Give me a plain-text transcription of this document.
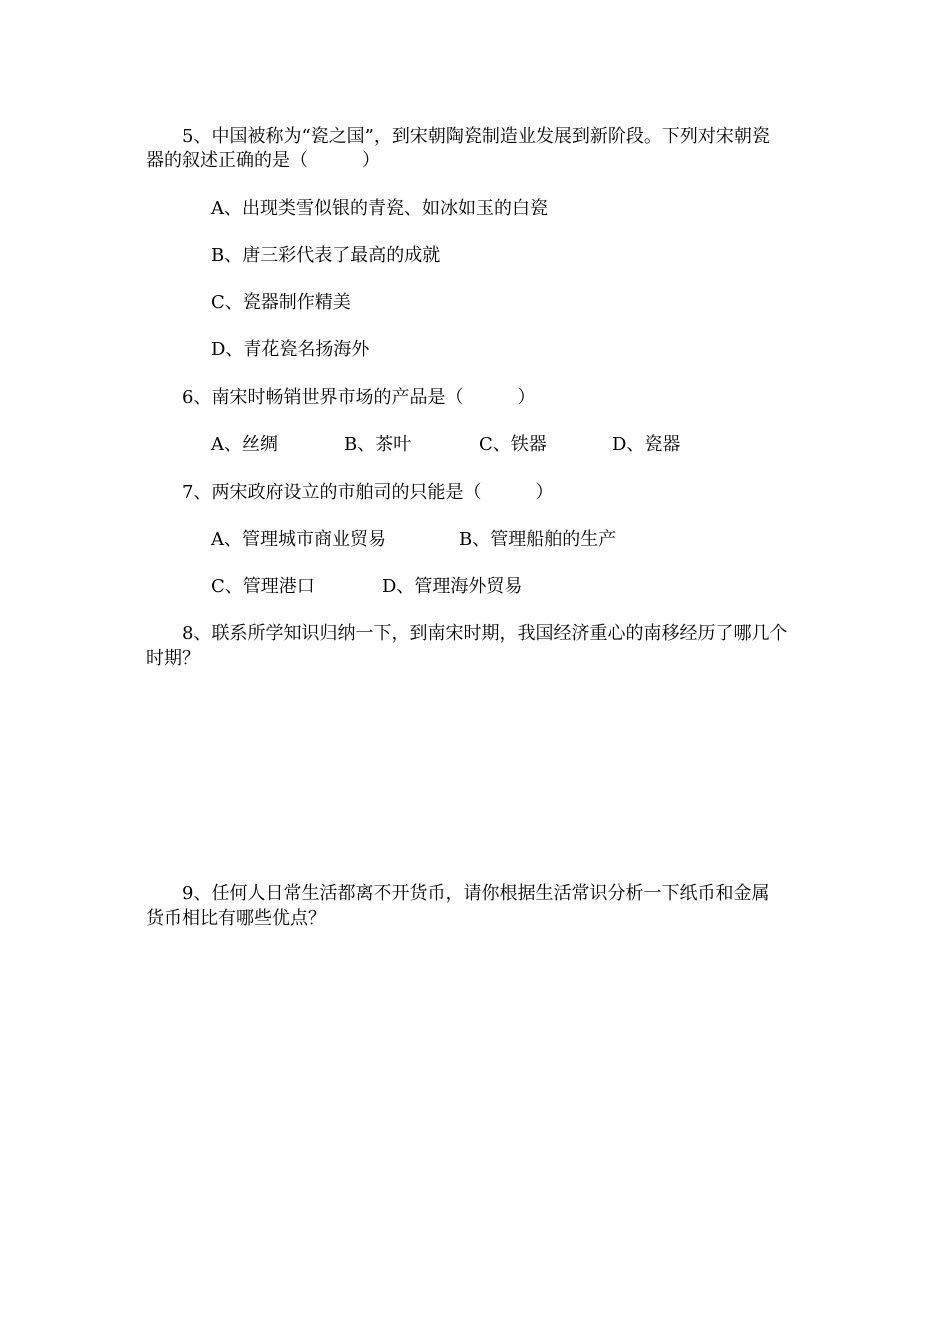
5、中国被称为“瓷之国”，到宋朝陶瓷制造业发展到新阶段。下列对宋朝瓷
器的叙述正确的是（　　　）
A、出现类雪似银的青瓷、如冰如玉的白瓷
B、唐三彩代表了最高的成就
C、瓷器制作精美
D、青花瓷名扬海外
6、南宋时畅销世界市场的产品是（　　　）
A、丝绸	B、茶叶	C、铁器	D、瓷器
7、两宋政府设立的市舶司的只能是（　　　）
A、管理城市商业贸易	B、管理船舶的生产
C、管理港口	D、管理海外贸易
8、联系所学知识归纳一下，到南宋时期，我国经济重心的南移经历了哪几个
时期？
9、任何人日常生活都离不开货币，请你根据生活常识分析一下纸币和金属
货币相比有哪些优点？
